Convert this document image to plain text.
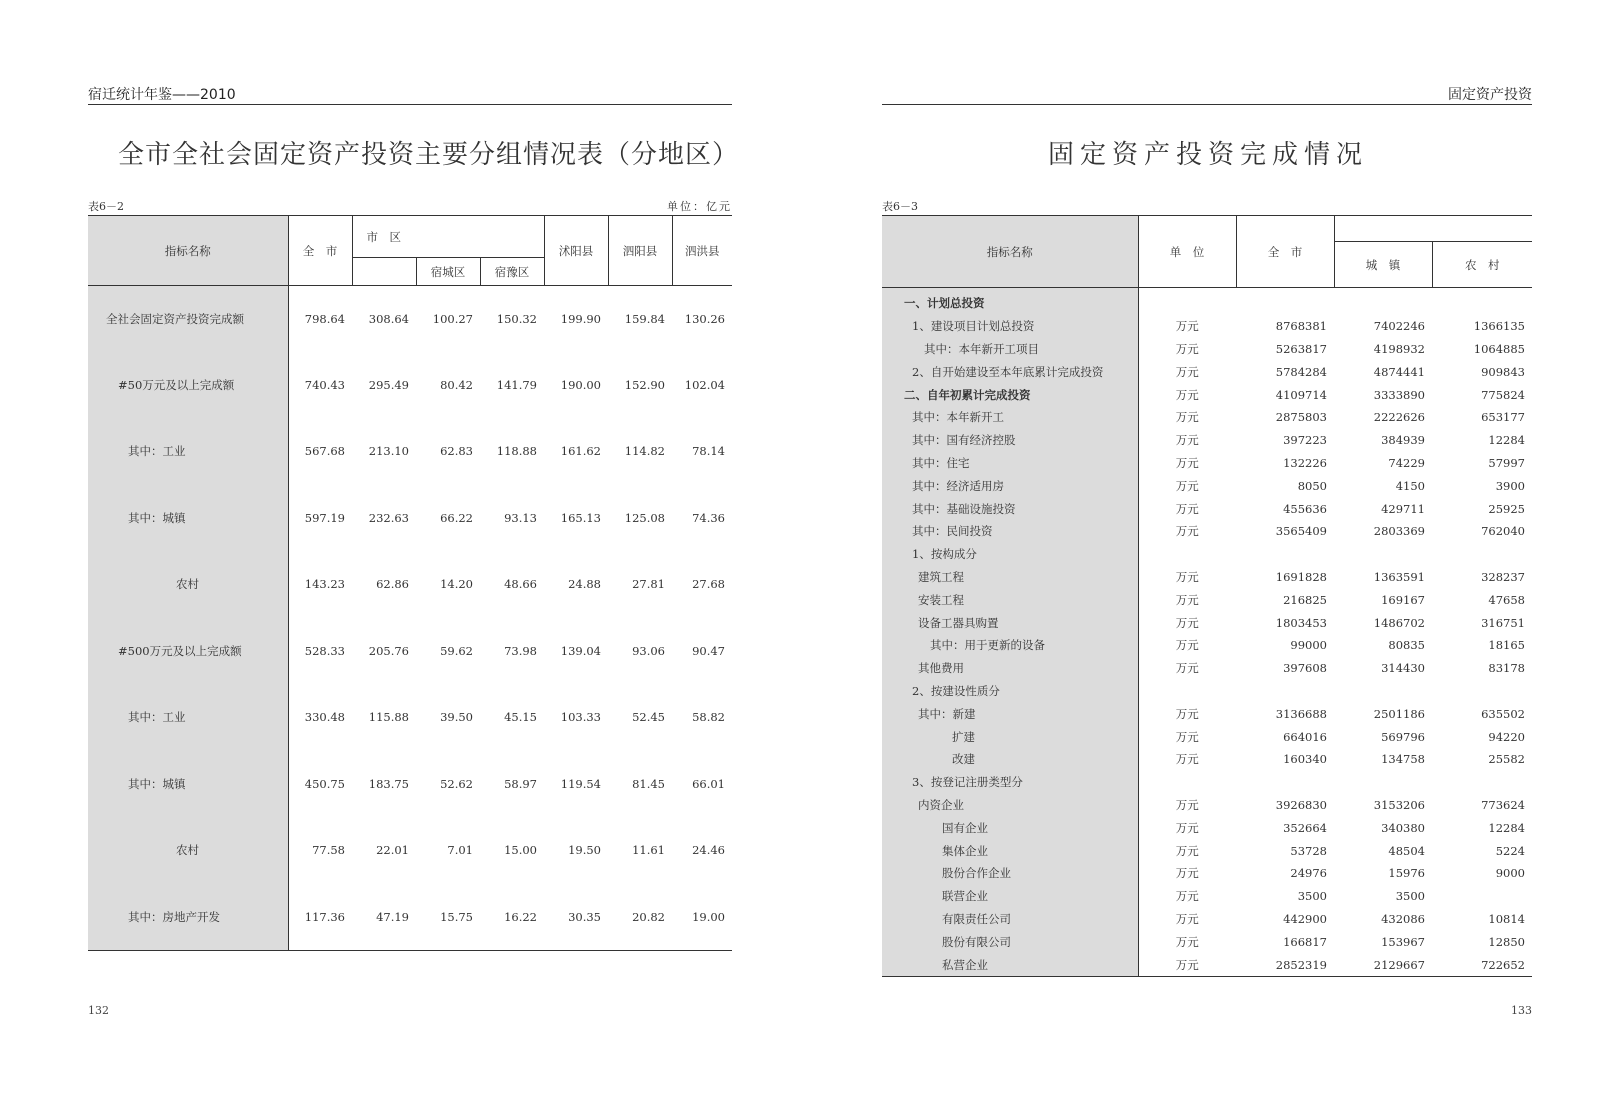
宿迁统计年鉴——2010
全市全社会固定资产投资主要分组情况表（分地区）
表6－2	单位：亿元
指标名称	全　市	市　区			沭阳县	泗阳县	泗洪县
			宿城区	宿豫区			
全社会固定资产投资完成额	798.64	308.64	100.27	150.32	199.90	159.84	130.26
#50万元及以上完成额	740.43	295.49	80.42	141.79	190.00	152.90	102.04
其中：工业	567.68	213.10	62.83	118.88	161.62	114.82	78.14
其中：城镇	597.19	232.63	66.22	93.13	165.13	125.08	74.36
农村	143.23	62.86	14.20	48.66	24.88	27.81	27.68
#500万元及以上完成额	528.33	205.76	59.62	73.98	139.04	93.06	90.47
其中：工业	330.48	115.88	39.50	45.15	103.33	52.45	58.82
其中：城镇	450.75	183.75	52.62	58.97	119.54	81.45	66.01
农村	77.58	22.01	7.01	15.00	19.50	11.61	24.46
其中：房地产开发	117.36	47.19	15.75	16.22	30.35	20.82	19.00
132
固定资产投资
固定资产投资完成情况
表6－3
指标名称	单　位	全　市		
			城　镇	农　村
一、计划总投资				
1、建设项目计划总投资	万元	8768381	7402246	1366135
其中：本年新开工项目	万元	5263817	4198932	1064885
2、自开始建设至本年底累计完成投资	万元	5784284	4874441	909843
二、自年初累计完成投资	万元	4109714	3333890	775824
其中：本年新开工	万元	2875803	2222626	653177
其中：国有经济控股	万元	397223	384939	12284
其中：住宅	万元	132226	74229	57997
其中：经济适用房	万元	8050	4150	3900
其中：基础设施投资	万元	455636	429711	25925
其中：民间投资	万元	3565409	2803369	762040
1、按构成分				
建筑工程	万元	1691828	1363591	328237
安装工程	万元	216825	169167	47658
设备工器具购置	万元	1803453	1486702	316751
其中：用于更新的设备	万元	99000	80835	18165
其他费用	万元	397608	314430	83178
2、按建设性质分				
其中：新建	万元	3136688	2501186	635502
扩建	万元	664016	569796	94220
改建	万元	160340	134758	25582
3、按登记注册类型分				
内资企业	万元	3926830	3153206	773624
国有企业	万元	352664	340380	12284
集体企业	万元	53728	48504	5224
股份合作企业	万元	24976	15976	9000
联营企业	万元	3500	3500	
有限责任公司	万元	442900	432086	10814
股份有限公司	万元	166817	153967	12850
私营企业	万元	2852319	2129667	722652
133
